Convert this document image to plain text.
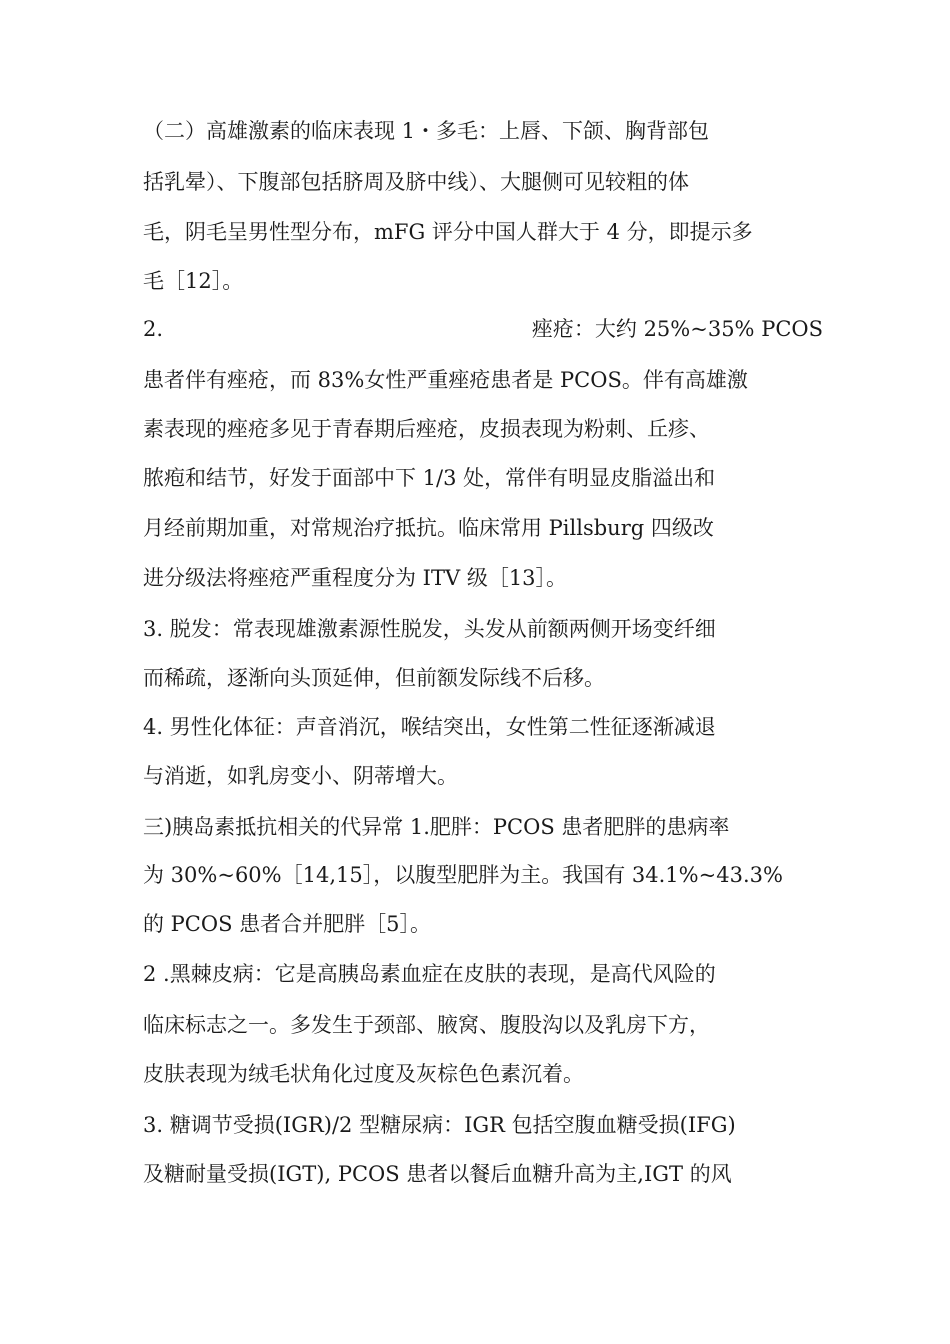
（二）高雄激素的临床表现 1・多毛：上唇、下颌、胸背部包
括乳晕）、下腹部包括脐周及脐中线）、大腿侧可见较粗的体
毛，阴毛呈男性型分布，mFG 评分中国人群大于 4 分，即提示多
毛［12］。
2.	痤疮：大约 25%~35% PCOS
患者伴有痤疮，而 83%女性严重痤疮患者是 PCOS。伴有高雄激
素表现的痤疮多见于青春期后痤疮，皮损表现为粉刺、丘疹、
脓疱和结节，好发于面部中下 1/3 处，常伴有明显皮脂溢出和
月经前期加重，对常规治疗抵抗。临床常用 Pillsburg 四级改
进分级法将痤疮严重程度分为 ITV 级［13］。
3. 脱发：常表现雄激素源性脱发，头发从前额两侧开场变纤细
而稀疏，逐渐向头顶延伸，但前额发际线不后移。
4. 男性化体征：声音消沉，喉结突出，女性第二性征逐渐减退
与消逝，如乳房变小、阴蒂增大。
三)胰岛素抵抗相关的代异常 1.肥胖：PCOS 患者肥胖的患病率
为 30%~60%［14,15］，以腹型肥胖为主。我国有 34.1%~43.3%
的 PCOS 患者合并肥胖［5］。
2 .黑棘皮病：它是高胰岛素血症在皮肤的表现，是高代风险的
临床标志之一。多发生于颈部、腋窝、腹股沟以及乳房下方，
皮肤表现为绒毛状角化过度及灰棕色色素沉着。
3. 糖调节受损(IGR)/2 型糖尿病：IGR 包括空腹血糖受损(IFG)
及糖耐量受损(IGT), PCOS 患者以餐后血糖升高为主,IGT 的风
